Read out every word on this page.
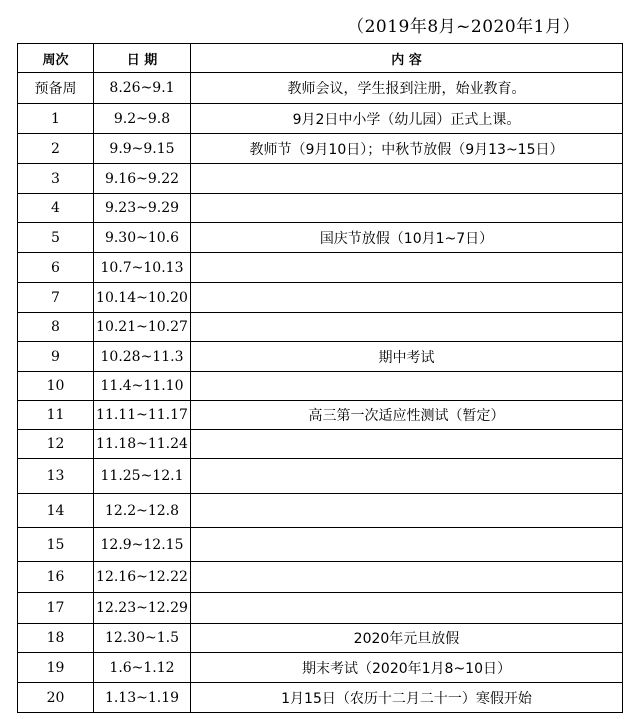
（2019年8月~2020年1月）
周次	日 期	内 容
预备周	8.26~9.1	教师会议，学生报到注册，始业教育。
1	9.2~9.8	9月2日中小学（幼儿园）正式上课。
2	9.9~9.15	教师节（9月10日）；中秋节放假（9月13~15日）
3	9.16~9.22	
4	9.23~9.29	
5	9.30~10.6	国庆节放假（10月1~7日）
6	10.7~10.13	
7	10.14~10.20	
8	10.21~10.27	
9	10.28~11.3	期中考试
10	11.4~11.10	
11	11.11~11.17	高三第一次适应性测试（暂定）
12	11.18~11.24	
13	11.25~12.1	
14	12.2~12.8	
15	12.9~12.15	
16	12.16~12.22	
17	12.23~12.29	
18	12.30~1.5	2020年元旦放假
19	1.6~1.12	期末考试（2020年1月8~10日）
20	1.13~1.19	1月15日（农历十二月二十一）寒假开始
